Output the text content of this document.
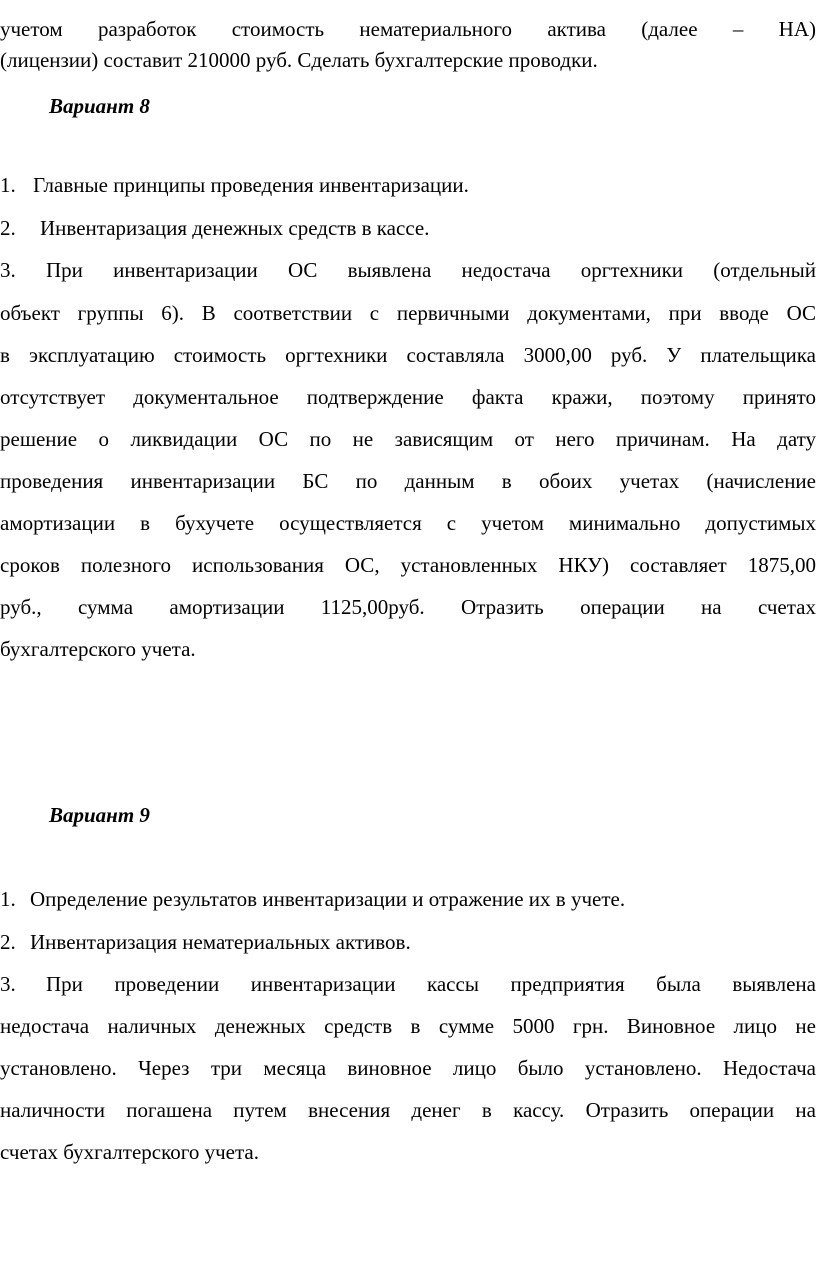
учетом разработок стоимость нематериального актива (далее – НА)
(лицензии) составит 210000 руб. Сделать бухгалтерские проводки.
Вариант 8
1. Главные принципы проведения инвентаризации.
2. Инвентаризация денежных средств в кассе.
3. При инвентаризации ОС выявлена недостача оргтехники (отдельный
объект группы 6). В соответствии с первичными документами, при вводе ОС
в эксплуатацию стоимость оргтехники составляла 3000,00 руб. У плательщика
отсутствует документальное подтверждение факта кражи, поэтому принято
решение о ликвидации ОС по не зависящим от него причинам. На дату
проведения инвентаризации БС по данным в обоих учетах (начисление
амортизации в бухучете осуществляется с учетом минимально допустимых
сроков полезного использования ОС, установленных НКУ) составляет 1875,00
руб., сумма амортизации 1125,00руб. Отразить операции на счетах
бухгалтерского учета.
Вариант 9
1. Определение результатов инвентаризации и отражение их в учете.
2. Инвентаризация нематериальных активов.
3. При проведении инвентаризации кассы предприятия была выявлена
недостача наличных денежных средств в сумме 5000 грн. Виновное лицо не
установлено. Через три месяца виновное лицо было установлено. Недостача
наличности погашена путем внесения денег в кассу. Отразить операции на
счетах бухгалтерского учета.
